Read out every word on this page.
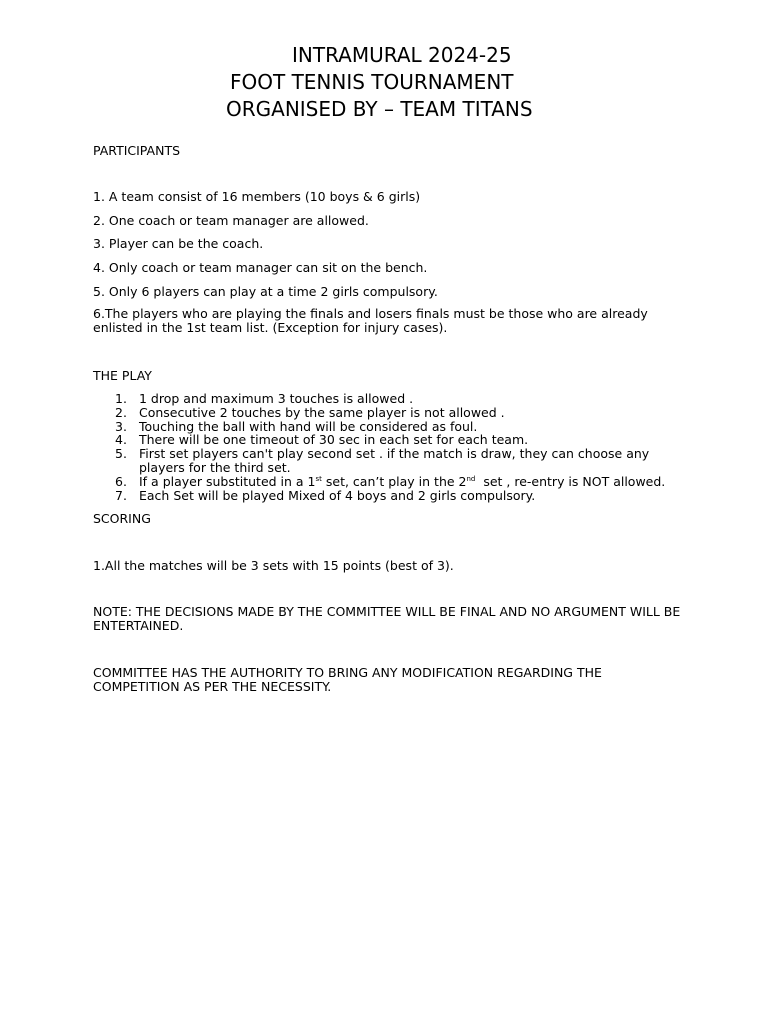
INTRAMURAL 2024-25
FOOT TENNIS TOURNAMENT
ORGANISED BY – TEAM TITANS
PARTICIPANTS
1. A team consist of 16 members (10 boys & 6 girls)
2. One coach or team manager are allowed.
3. Player can be the coach.
4. Only coach or team manager can sit on the bench.
5. Only 6 players can play at a time 2 girls compulsory.
6.The players who are playing the finals and losers finals must be those who are already enlisted in the 1st team list. (Exception for injury cases).
THE PLAY
1. 1 drop and maximum 3 touches is allowed .
2. Consecutive 2 touches by the same player is not allowed .
3. Touching the ball with hand will be considered as foul.
4. There will be one timeout of 30 sec in each set for each team.
5. First set players can't play second set . if the match is draw, they can choose any players for the third set.
6. If a player substituted in a 1st set, can’t play in the 2nd  set , re-entry is NOT allowed.
7. Each Set will be played Mixed of 4 boys and 2 girls compulsory.
SCORING
1.All the matches will be 3 sets with 15 points (best of 3).
NOTE: THE DECISIONS MADE BY THE COMMITTEE WILL BE FINAL AND NO ARGUMENT WILL BE ENTERTAINED.
COMMITTEE HAS THE AUTHORITY TO BRING ANY MODIFICATION REGARDING THE COMPETITION AS PER THE NECESSITY.
